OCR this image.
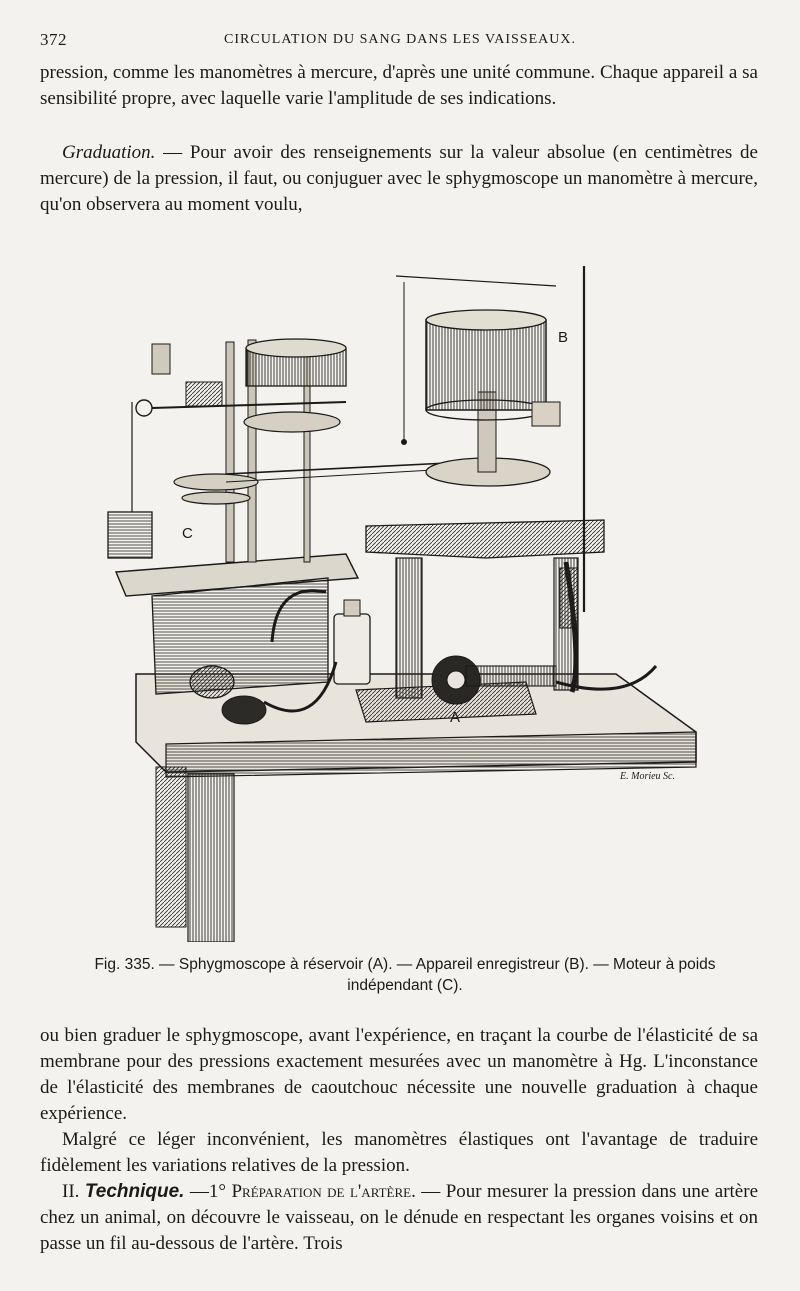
372	CIRCULATION DU SANG DANS LES VAISSEAUX.

pression, comme les manomètres à mercure, d'après une unité commune. Chaque appareil a sa sensibilité propre, avec laquelle varie l'amplitude de ses indications.

Graduation. — Pour avoir des renseignements sur la valeur absolue (en centimètres de mercure) de la pression, il faut, ou conjuguer avec le sphygmoscope un manomètre à mercure, qu'on observera au moment voulu,

B
C
A
E. Morieu Sc.
Fig. 335. — Sphygmoscope à réservoir (A). — Appareil enregistreur (B). — Moteur à poids
indépendant (C).

ou bien graduer le sphygmoscope, avant l'expérience, en traçant la courbe de l'élasticité de sa membrane pour des pressions exactement mesurées avec un manomètre à Hg. L'inconstance de l'élasticité des membranes de caoutchouc nécessite une nouvelle graduation à chaque expérience.

Malgré ce léger inconvénient, les manomètres élastiques ont l'avantage de traduire fidèlement les variations relatives de la pression.

II. Technique. —1° Préparation de l'artère. — Pour mesurer la pression dans une artère chez un animal, on découvre le vaisseau, on le dénude en respectant les organes voisins et on passe un fil au-dessous de l'artère. Trois
